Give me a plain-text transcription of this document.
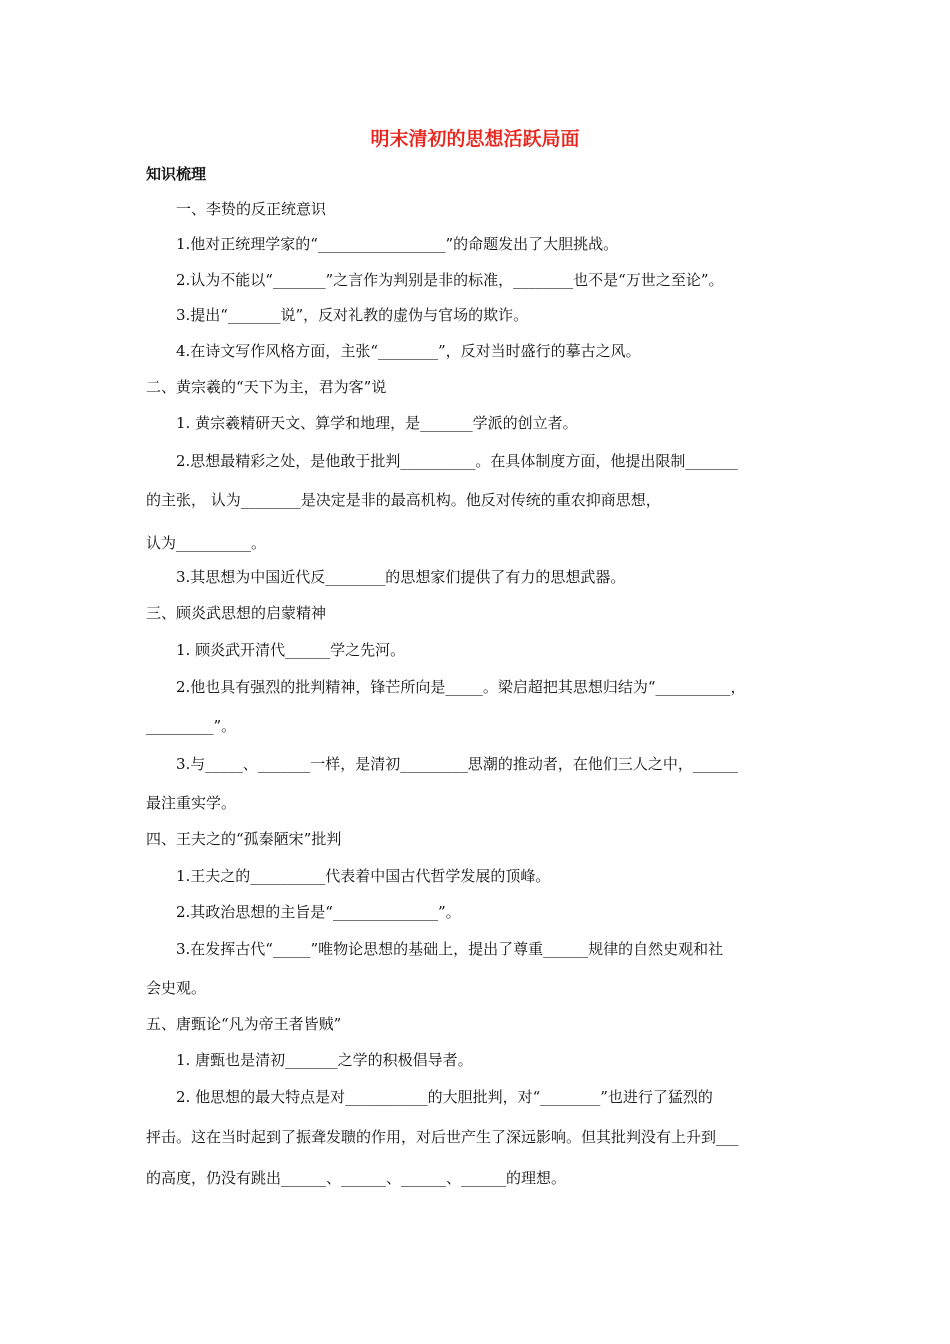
明末清初的思想活跃局面
知识梳理
一、李贽的反正统意识
1.他对正统理学家的“_________________”的命题发出了大胆挑战。
2.认为不能以“_______”之言作为判别是非的标准，________也不是“万世之至论”。
3.提出“_______说”，反对礼教的虚伪与官场的欺诈。
4.在诗文写作风格方面，主张“________”，反对当时盛行的摹古之风。
二、黄宗羲的“天下为主，君为客”说
1. 黄宗羲精研天文、算学和地理，是_______学派的创立者。
2.思想最精彩之处，是他敢于批判__________。在具体制度方面，他提出限制_______
的主张， 认为________是决定是非的最高机构。他反对传统的重农抑商思想，
认为__________。
3.其思想为中国近代反________的思想家们提供了有力的思想武器。
三、顾炎武思想的启蒙精神
1. 顾炎武开清代______学之先河。
2.他也具有强烈的批判精神，锋芒所向是_____。梁启超把其思想归结为“__________，
_________”。
3.与_____、_______一样，是清初_________思潮的推动者，在他们三人之中，______
最注重实学。
四、王夫之的“孤秦陋宋”批判
1.王夫之的__________代表着中国古代哲学发展的顶峰。
2.其政治思想的主旨是“______________”。
3.在发挥古代“_____”唯物论思想的基础上，提出了尊重______规律的自然史观和社
会史观。
五、唐甄论“凡为帝王者皆贼”
1. 唐甄也是清初_______之学的积极倡导者。
2. 他思想的最大特点是对___________的大胆批判，对“________”也进行了猛烈的
抨击。这在当时起到了振聋发聩的作用，对后世产生了深远影响。但其批判没有上升到___
的高度，仍没有跳出______、______、______、______的理想。
